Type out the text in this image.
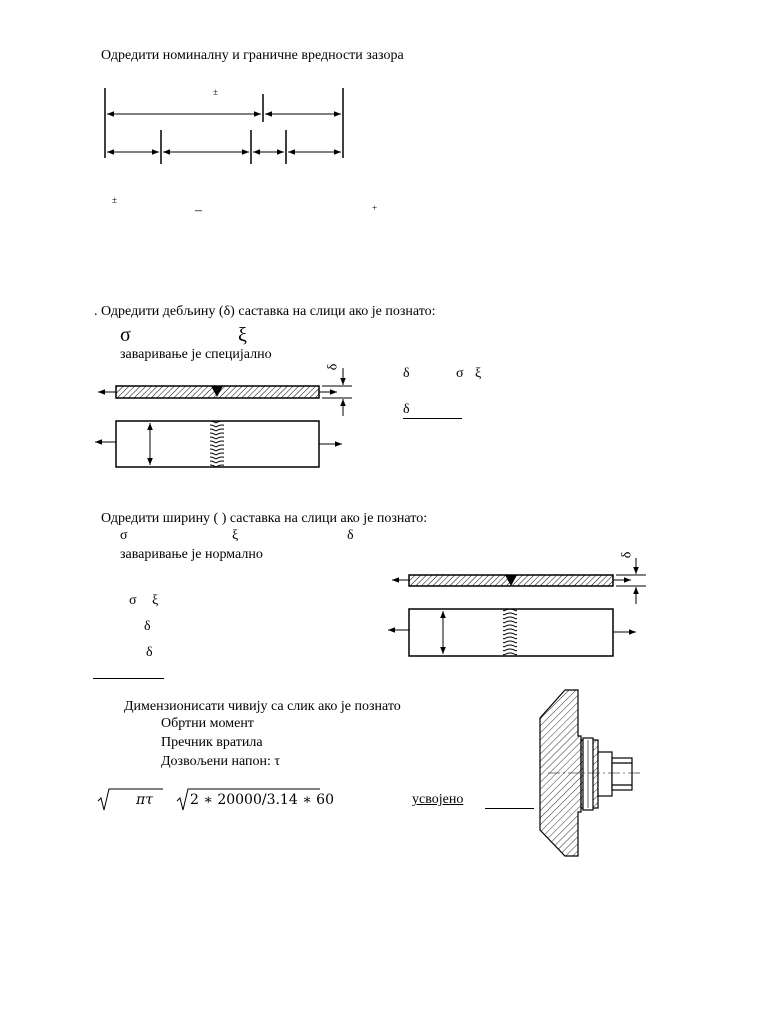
Одредити номиналну и граничне вредности зазора
±
±
–	+
. Одредити дебљину (δ) саставка на слици ако је познато:
σ	ξ
заваривање је специјално
δ	δ	σ ξ
δ
Одредити ширину ( ) саставка на слици ако је познато:
σ	ξ	δ
заваривање је нормално	δ
σ ξ
δ
δ
Димензионисати чивију са слик ако је познато
Обртни момент
Пречник вратила
Дозвољени напон: τ
πτ	2 ∗ 20000/3.14 ∗ 60	усвојено
